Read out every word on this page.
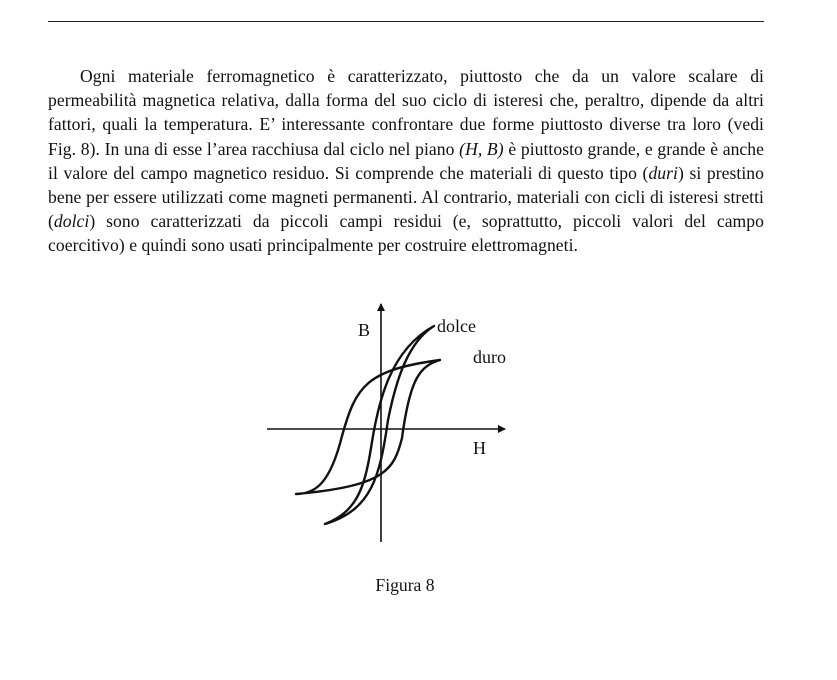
Ogni materiale ferromagnetico è caratterizzato, piuttosto che da un valore scalare di permeabilità magnetica relativa, dalla forma del suo ciclo di isteresi che, peraltro, dipende da altri fattori, quali la temperatura. E’ interessante confrontare due forme piuttosto diverse tra loro (vedi Fig. 8). In una di esse l’area racchiusa dal ciclo nel piano (H, B) è piuttosto grande, e grande è anche il valore del campo magnetico residuo. Si comprende che materiali di questo tipo (duri) si prestino bene per essere utilizzati come magneti permanenti. Al contrario, materiali con cicli di isteresi stretti (dolci) sono caratterizzati da piccoli campi residui (e, soprattutto, piccoli valori del campo coercitivo) e quindi sono usati principalmente per costruire elettromagneti.

B
H
dolce
duro
Figura 8
